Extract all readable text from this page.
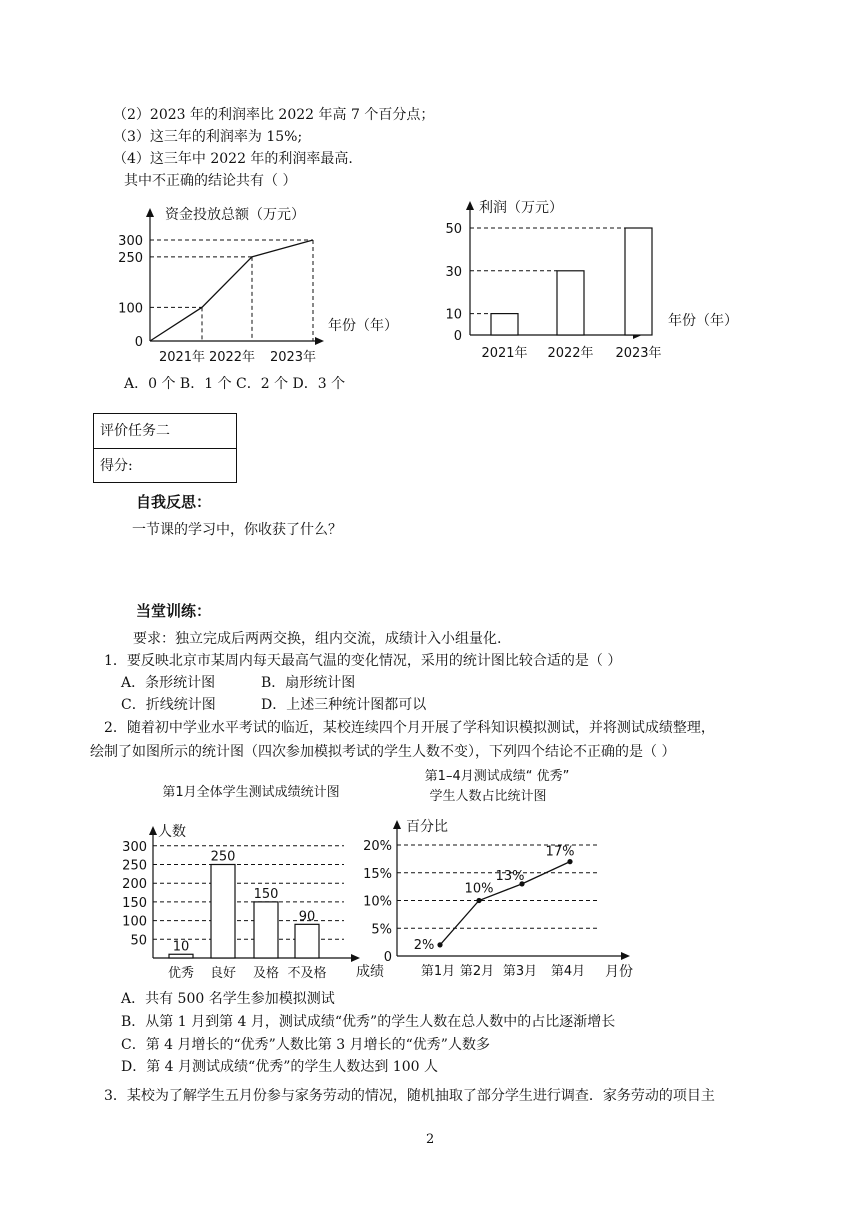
（2）2023 年的利润率比 2022 年高 7 个百分点；
（3）这三年的利润率为 15%;
（4）这三年中 2022 年的利润率最高.
其中不正确的结论共有（ ）
资金投放总额（万元）
年份（年）
0
100
250
300
2021年 2022年 2023年
利润（万元）
年份（年）
0
10
30
50
2021年 2022年 2023年
A．0 个 B．1 个 C．2 个 D．3 个
评价任务二
得分:
自我反思：
一节课的学习中，你收获了什么？
当堂训练：
要求：独立完成后两两交换，组内交流，成绩计入小组量化.
1．要反映北京市某周内每天最高气温的变化情况，采用的统计图比较合适的是（ ）
A．条形统计图	B．扇形统计图
C．折线统计图	D．上述三种统计图都可以
2．随着初中学业水平考试的临近，某校连续四个月开展了学科知识模拟测试，并将测试成绩整理，
绘制了如图所示的统计图（四次参加模拟考试的学生人数不变），下列四个结论不正确的是（ ）
第1月全体学生测试成绩统计图
人数
成绩
50
100
150
200
250
300
10
优秀
250
良好
150
及格
90
不及格
第1–4月测试成绩“ 优秀”
学生人数占比统计图
百分比
月份
0
5%
10%
15%
20%
第1月 第2月 第3月 第4月
2%
10%
13%
17%
A．共有 500 名学生参加模拟测试
B．从第 1 月到第 4 月，测试成绩“优秀”的学生人数在总人数中的占比逐渐增长
C．第 4 月增长的“优秀”人数比第 3 月增长的“优秀”人数多
D．第 4 月测试成绩“优秀”的学生人数达到 100 人
3．某校为了解学生五月份参与家务劳动的情况，随机抽取了部分学生进行调查．家务劳动的项目主
2
